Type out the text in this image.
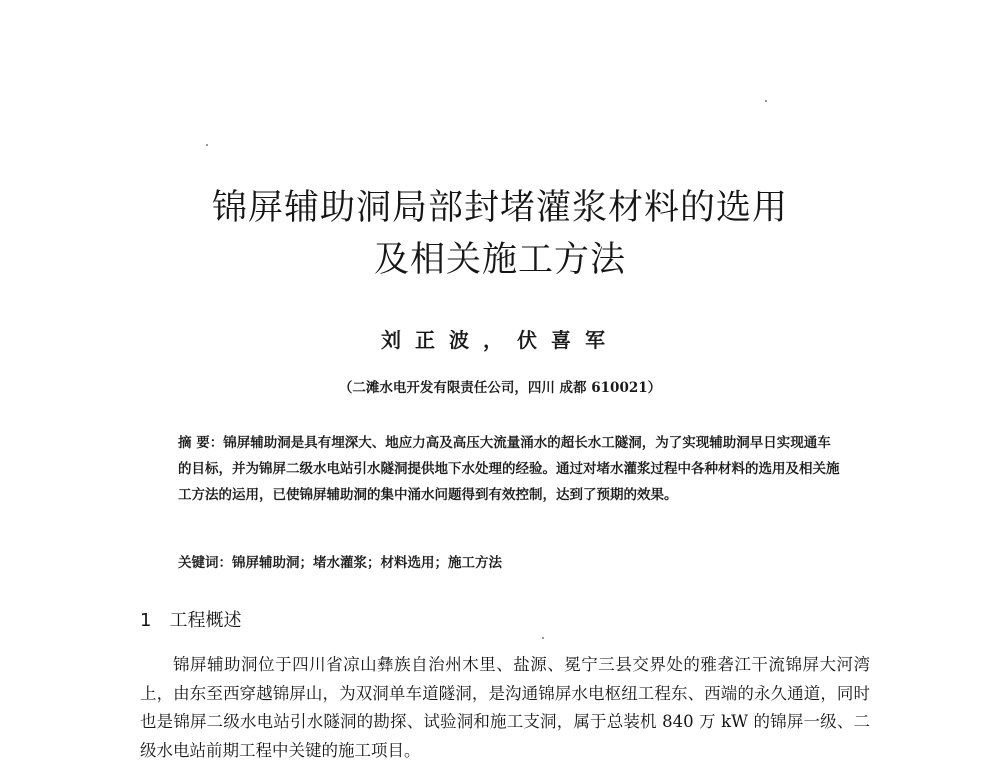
锦屏辅助洞局部封堵灌浆材料的选用
及相关施工方法
刘正波，伏喜军
（二滩水电开发有限责任公司，四川 成都 610021）
摘 要：锦屏辅助洞是具有埋深大、地应力高及高压大流量涌水的超长水工隧洞，为了实现辅助洞早日实现通车的目标，并为锦屏二级水电站引水隧洞提供地下水处理的经验。通过对堵水灌浆过程中各种材料的选用及相关施工方法的运用，已使锦屏辅助洞的集中涌水问题得到有效控制，达到了预期的效果。
关键词：锦屏辅助洞；堵水灌浆；材料选用；施工方法
1 工程概述

锦屏辅助洞位于四川省凉山彝族自治州木里、盐源、冕宁三县交界处的雅砻江干流锦屏大河湾上，由东至西穿越锦屏山，为双洞单车道隧洞，是沟通锦屏水电枢纽工程东、西端的永久通道，同时也是锦屏二级水电站引水隧洞的勘探、试验洞和施工支洞，属于总装机 840 万 kW 的锦屏一级、二级水电站前期工程中关键的施工项目。
